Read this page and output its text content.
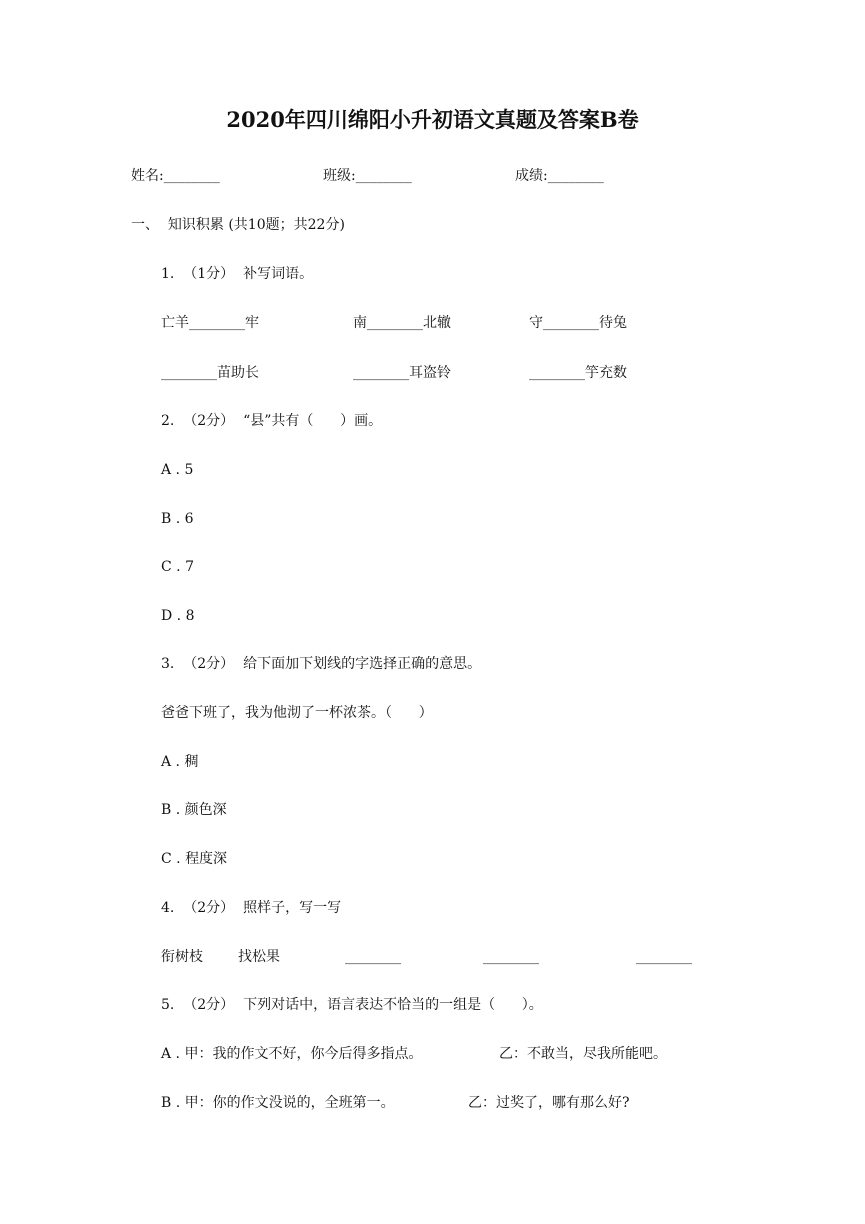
2020年四川绵阳小升初语文真题及答案B卷
姓名:________	班级:________	成绩:________
一、  知识积累 (共10题；共22分)
1.  （1分）  补写词语。
亡羊________牢	南________北辙	守________待兔
________苗助长	________耳盗铃	________竽充数
2.  （2分）  “县”共有（      ）画。
A . 5
B . 6
C . 7
D . 8
3.  （2分）  给下面加下划线的字选择正确的意思。
爸爸下班了，我为他沏了一杯浓茶。（      ）
A . 稠
B . 颜色深
C . 程度深
4.  （2分）  照样子，写一写
衔树枝	找松果	________	________	________
5.  （2分）  下列对话中，语言表达不恰当的一组是（      ）。
A . 甲：我的作文不好，你今后得多指点。	乙：不敢当，尽我所能吧。
B . 甲：你的作文没说的，全班第一。	乙：过奖了，哪有那么好?
